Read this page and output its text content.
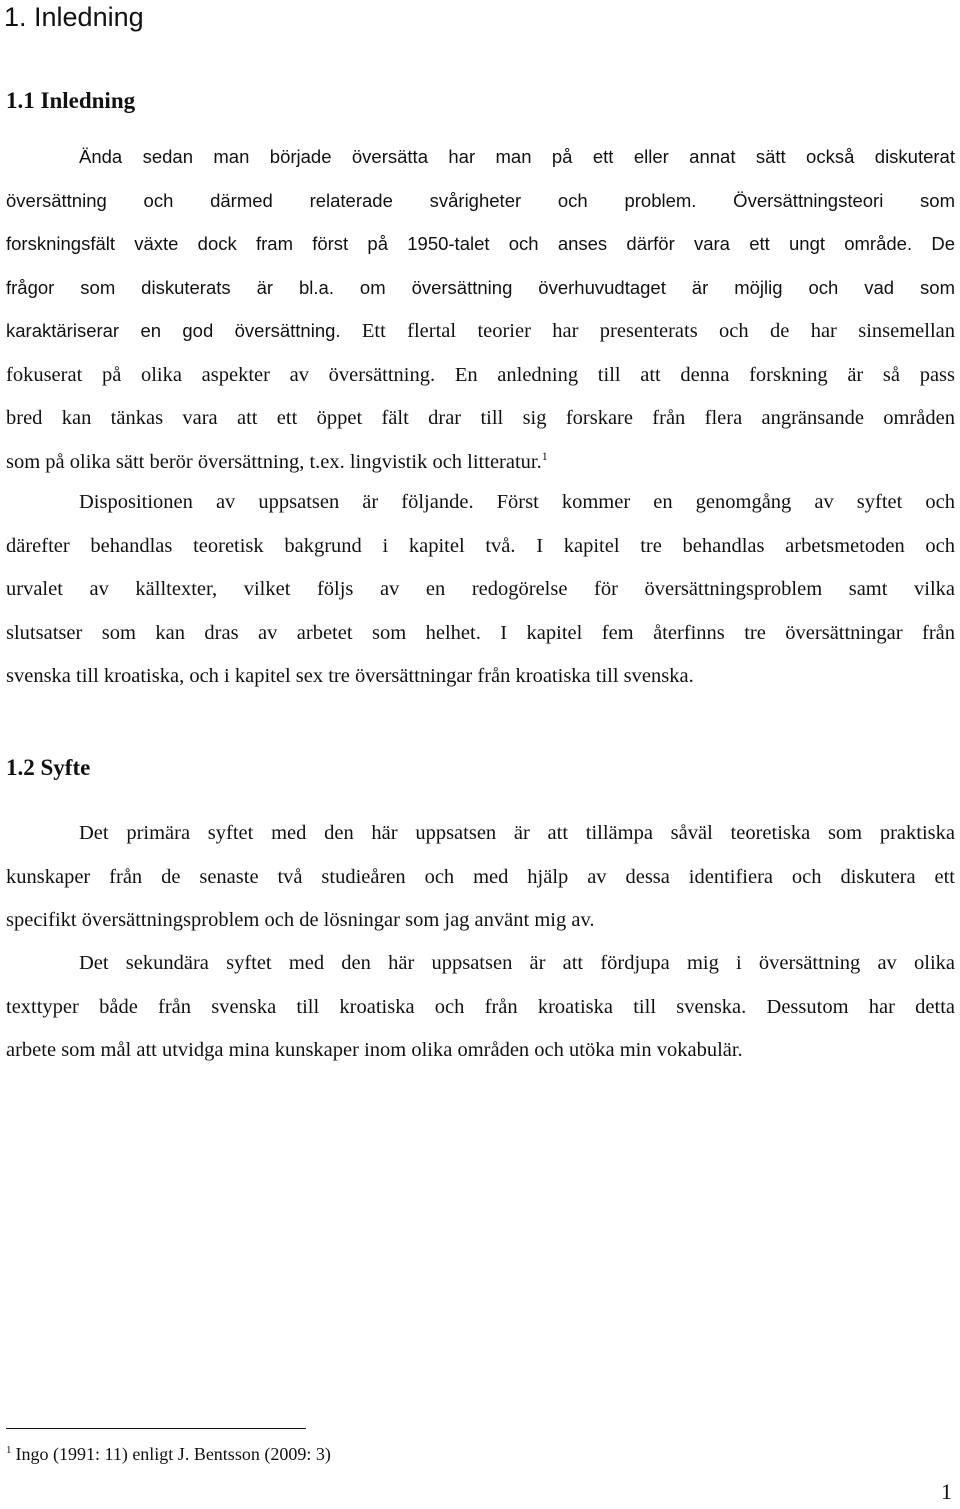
1. Inledning
1.1 Inledning
Ända sedan man började översätta har man på ett eller annat sätt också diskuterat
översättning och därmed relaterade svårigheter och problem. Översättningsteori som
forskningsfält växte dock fram först på 1950-talet och anses därför vara ett ungt område. De
frågor som diskuterats är bl.a. om översättning överhuvudtaget är möjlig och vad som
karaktäriserar en god översättning. Ett flertal teorier har presenterats och de har sinsemellan
fokuserat på olika aspekter av översättning. En anledning till att denna forskning är så pass
bred kan tänkas vara att ett öppet fält drar till sig forskare från flera angränsande områden
som på olika sätt berör översättning, t.ex. lingvistik och litteratur.$^1$
Dispositionen av uppsatsen är följande. Först kommer en genomgång av syftet och
därefter behandlas teoretisk bakgrund i kapitel två. I kapitel tre behandlas arbetsmetoden och
urvalet av källtexter, vilket följs av en redogörelse för översättningsproblem samt vilka
slutsatser som kan dras av arbetet som helhet. I kapitel fem återfinns tre översättningar från
svenska till kroatiska, och i kapitel sex tre översättningar från kroatiska till svenska.
1.2 Syfte
Det primära syftet med den här uppsatsen är att tillämpa såväl teoretiska som praktiska
kunskaper från de senaste två studieåren och med hjälp av dessa identifiera och diskutera ett
specifikt översättningsproblem och de lösningar som jag använt mig av.
Det sekundära syftet med den här uppsatsen är att fördjupa mig i översättning av olika
texttyper både från svenska till kroatiska och från kroatiska till svenska. Dessutom har detta
arbete som mål att utvidga mina kunskaper inom olika områden och utöka min vokabulär.

$^1$ Ingo (1991: 11) enligt J. Bentsson (2009: 3)

1
